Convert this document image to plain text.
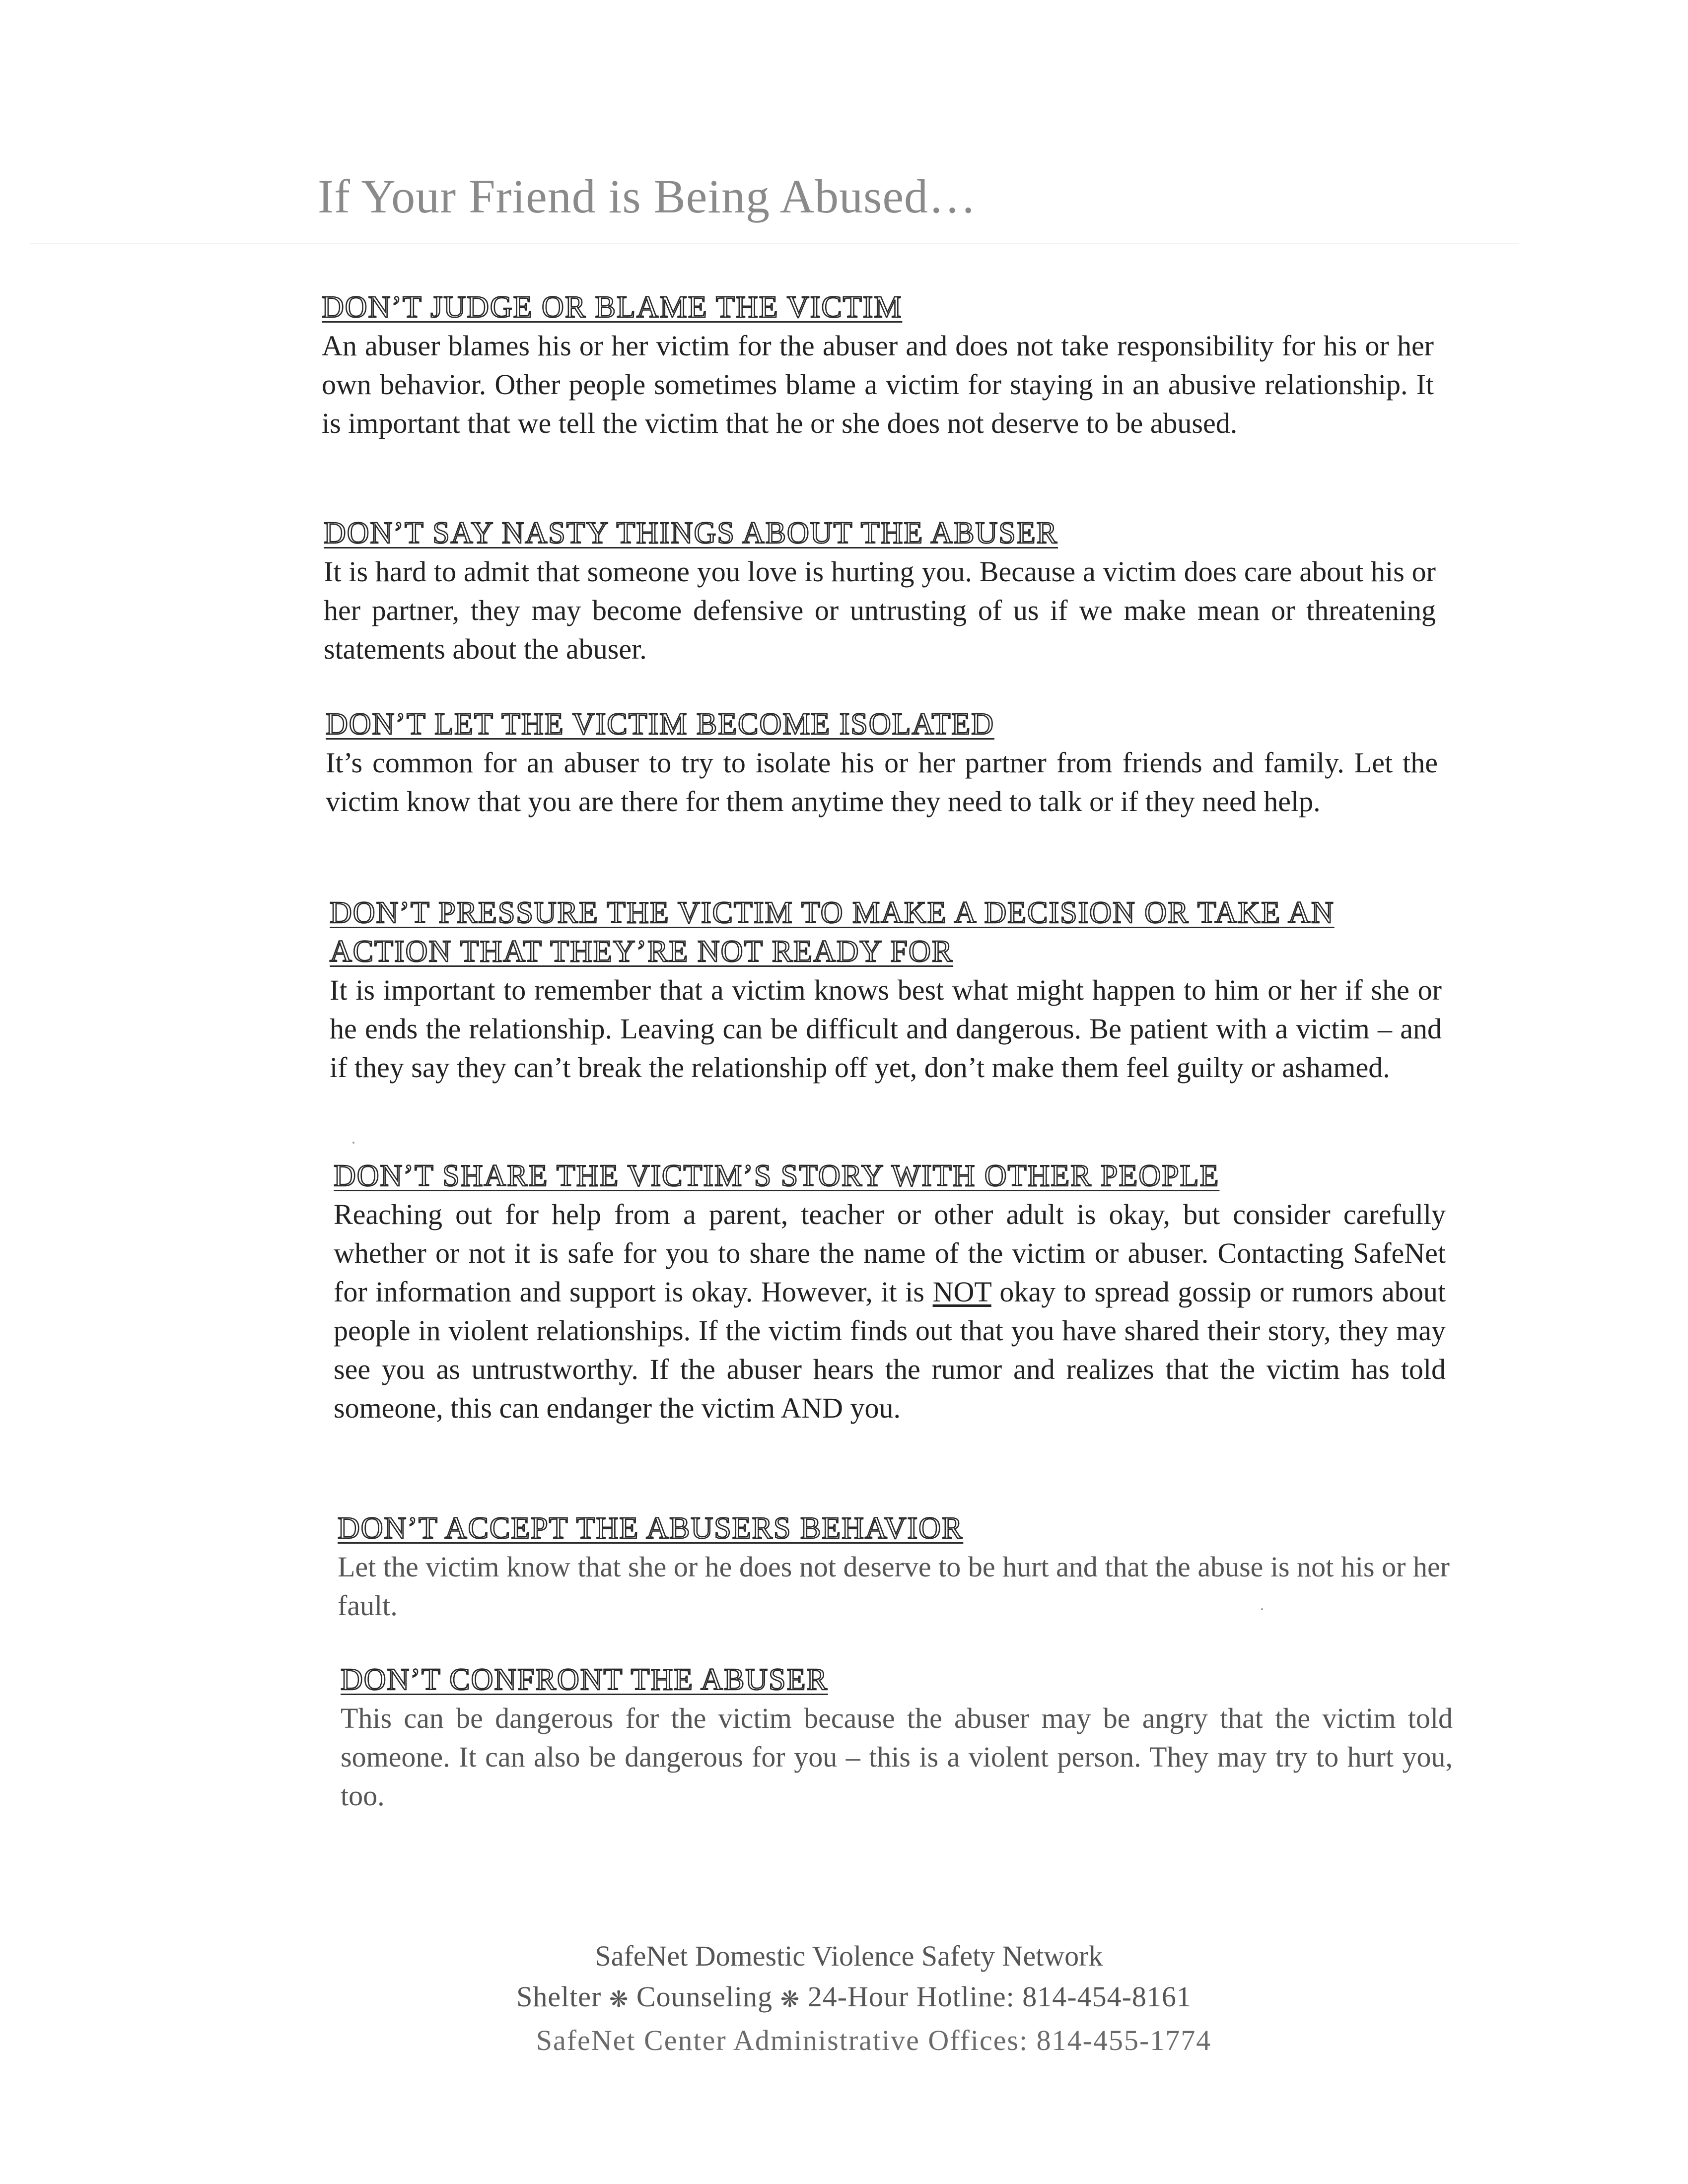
If Your Friend is Being Abused…
DON’T JUDGE OR BLAME THE VICTIM

An abuser blames his or her victim for the abuser and does not take responsibility for his or her own behavior. Other people sometimes blame a victim for staying in an abusive relationship. It is important that we tell the victim that he or she does not deserve to be abused.

DON’T SAY NASTY THINGS ABOUT THE ABUSER

It is hard to admit that someone you love is hurting you. Because a victim does care about his or her partner, they may become defensive or untrusting of us if we make mean or threatening statements about the abuser.

DON’T LET THE VICTIM BECOME ISOLATED

It’s common for an abuser to try to isolate his or her partner from friends and family. Let the victim know that you are there for them anytime they need to talk or if they need help.

DON’T PRESSURE THE VICTIM TO MAKE A DECISION OR TAKE AN ACTION THAT THEY’RE NOT READY FOR

It is important to remember that a victim knows best what might happen to him or her if she or he ends the relationship. Leaving can be difficult and dangerous. Be patient with a victim – and if they say they can’t break the relationship off yet, don’t make them feel guilty or ashamed.

DON’T SHARE THE VICTIM’S STORY WITH OTHER PEOPLE

Reaching out for help from a parent, teacher or other adult is okay, but consider carefully whether or not it is safe for you to share the name of the victim or abuser. Contacting SafeNet for information and support is okay. However, it is NOT okay to spread gossip or rumors about people in violent relationships. If the victim finds out that you have shared their story, they may see you as untrustworthy. If the abuser hears the rumor and realizes that the victim has told someone, this can endanger the victim AND you.

DON’T ACCEPT THE ABUSERS BEHAVIOR

Let the victim know that she or he does not deserve to be hurt and that the abuse is not his or her fault.

DON’T CONFRONT THE ABUSER

This can be dangerous for the victim because the abuser may be angry that the victim told someone. It can also be dangerous for you – this is a violent person. They may try to hurt you, too.

SafeNet Domestic Violence Safety Network
Shelter ❋ Counseling ❋ 24-Hour Hotline: 814-454-8161
SafeNet Center Administrative Offices: 814-455-1774
